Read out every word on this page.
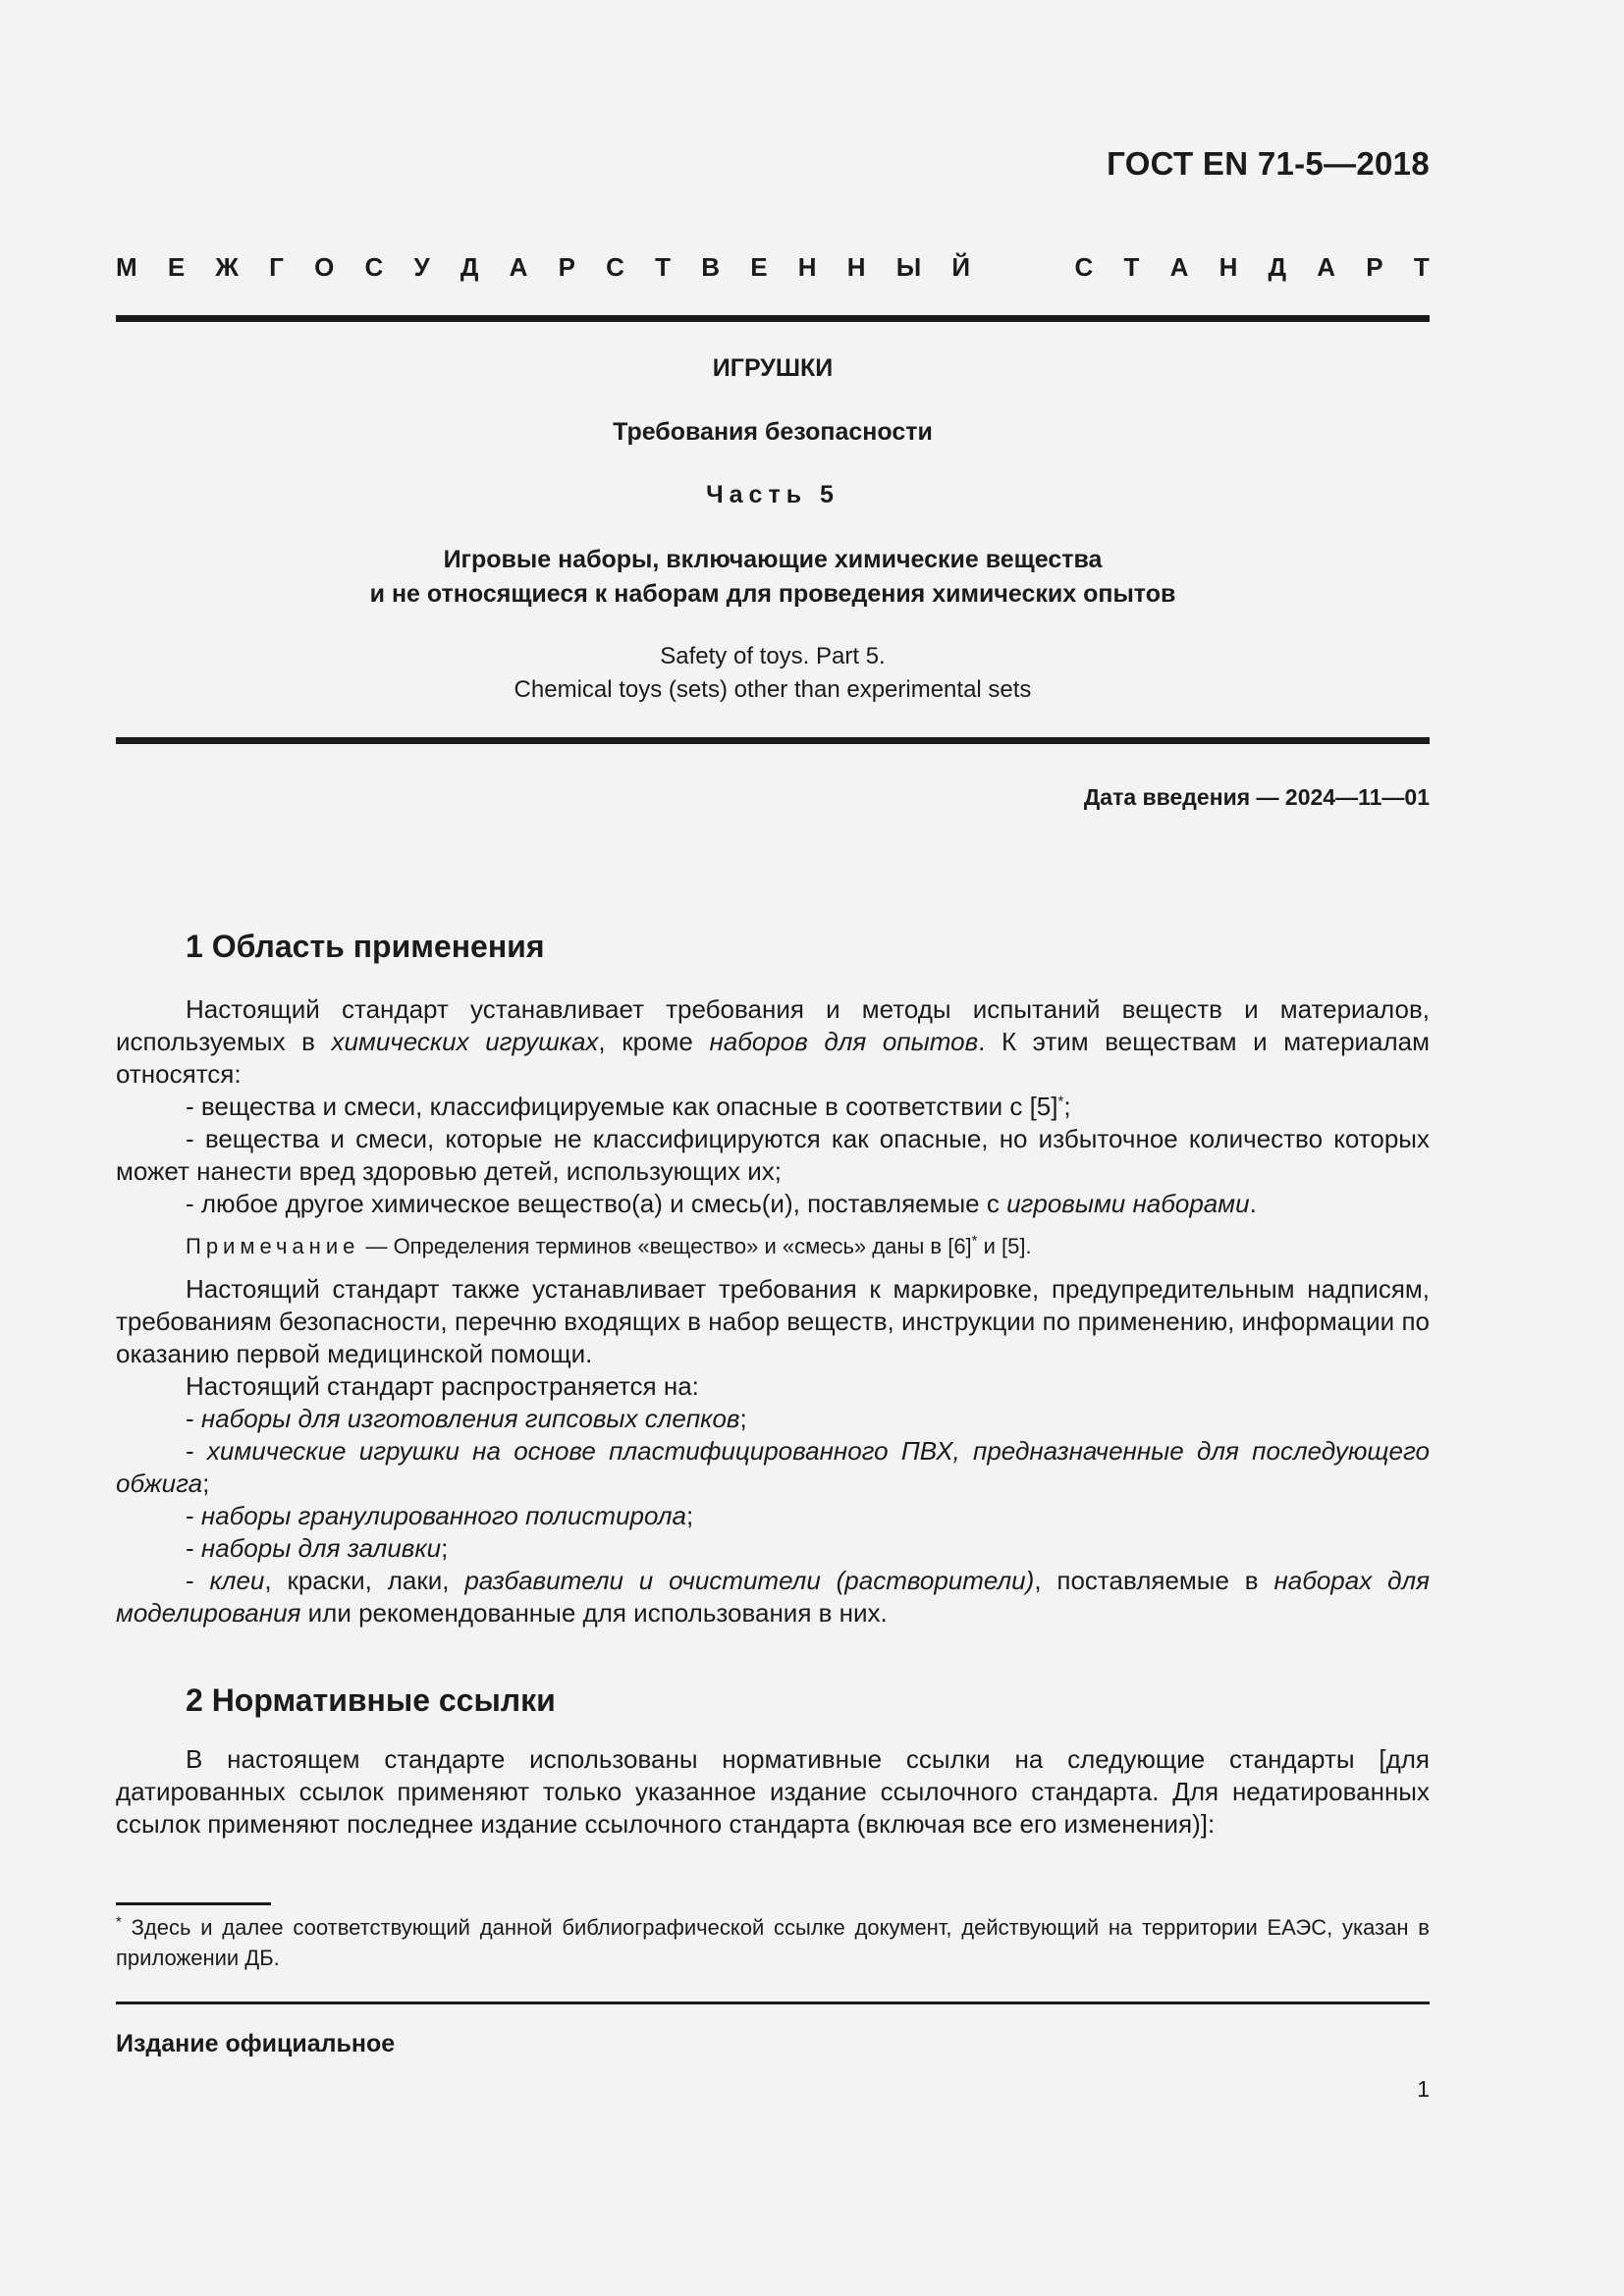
ГОСТ EN 71-5—2018
М Е Ж Г О С У Д А Р С Т В Е Н Н Ы Й	С Т А Н Д А Р Т
ИГРУШКИ
Требования безопасности
Часть 5
Игровые наборы, включающие химические вещества
и не относящиеся к наборам для проведения химических опытов
Safety of toys. Part 5.
Chemical toys (sets) other than experimental sets
Дата введения — 2024—11—01
1 Область применения

Настоящий стандарт устанавливает требования и методы испытаний веществ и материалов, используемых в химических игрушках, кроме наборов для опытов. К этим веществам и материалам относятся:

- вещества и смеси, классифицируемые как опасные в соответствии с [5]*;

- вещества и смеси, которые не классифицируются как опасные, но избыточное количество которых может нанести вред здоровью детей, использующих их;

- любое другое химическое вещество(а) и смесь(и), поставляемые с игровыми наборами.

Примечание — Определения терминов «вещество» и «смесь» даны в [6]* и [5].

Настоящий стандарт также устанавливает требования к маркировке, предупредительным надписям, требованиям безопасности, перечню входящих в набор веществ, инструкции по применению, информации по оказанию первой медицинской помощи.

Настоящий стандарт распространяется на:

- наборы для изготовления гипсовых слепков;

- химические игрушки на основе пластифицированного ПВХ, предназначенные для последующего обжига;

- наборы гранулированного полистирола;

- наборы для заливки;

- клеи, краски, лаки, разбавители и очистители (растворители), поставляемые в наборах для моделирования или рекомендованные для использования в них.

2 Нормативные ссылки

В настоящем стандарте использованы нормативные ссылки на следующие стандарты [для датированных ссылок применяют только указанное издание ссылочного стандарта. Для недатированных ссылок применяют последнее издание ссылочного стандарта (включая все его изменения)]:

* Здесь и далее соответствующий данной библиографической ссылке документ, действующий на территории ЕАЭС, указан в приложении ДБ.
Издание официальное
1
